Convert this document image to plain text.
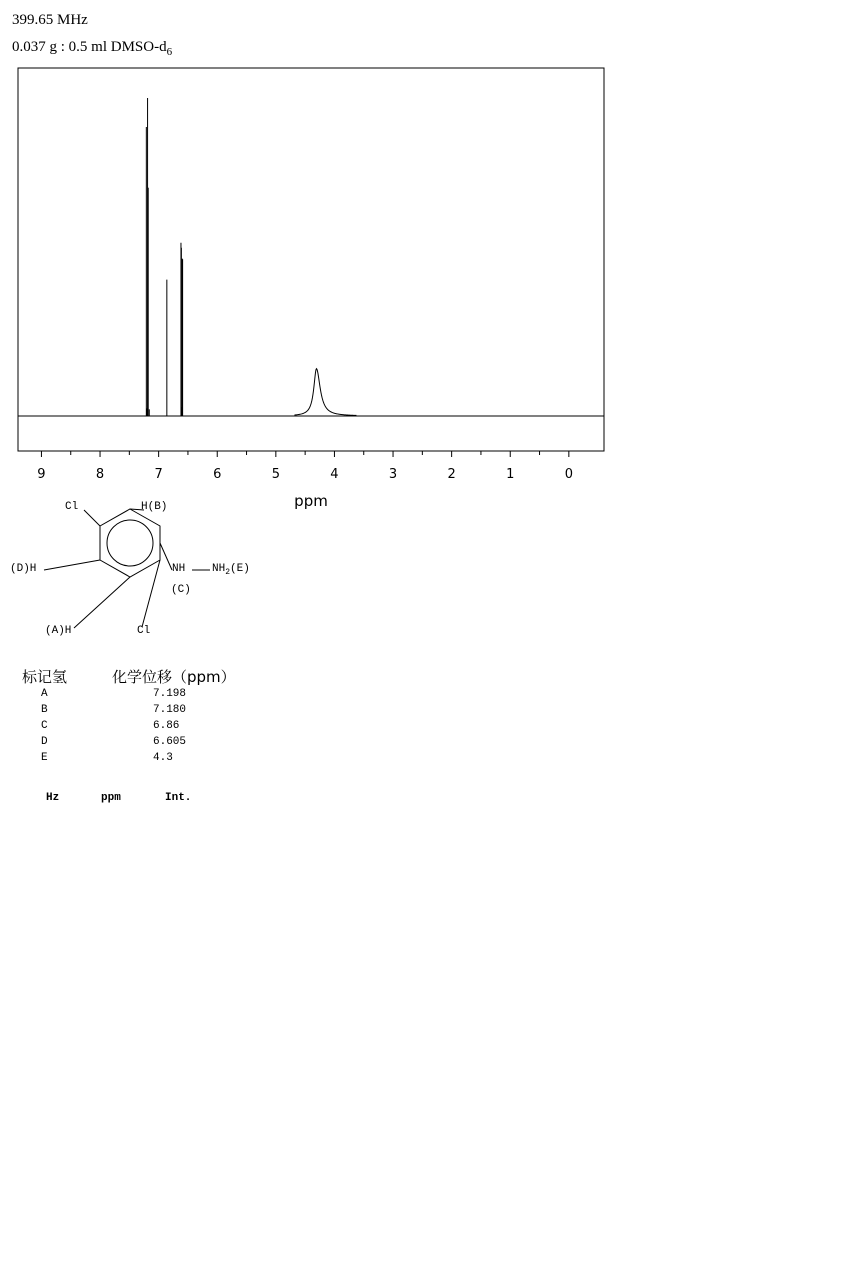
399.65 MHz
0.037 g : 0.5 ml DMSO-$d_6$
9	8	7	6	5	4	3	2	1	0
ppm
Cl	H(B)
(D)H	NH $NH_2(E)$
(C)
(A)H	Cl
标记氢	化学位移（ppm）
A	7.198
B	7.180
C	6.86
D	6.605
E	4.3
Hz	ppm	Int.
